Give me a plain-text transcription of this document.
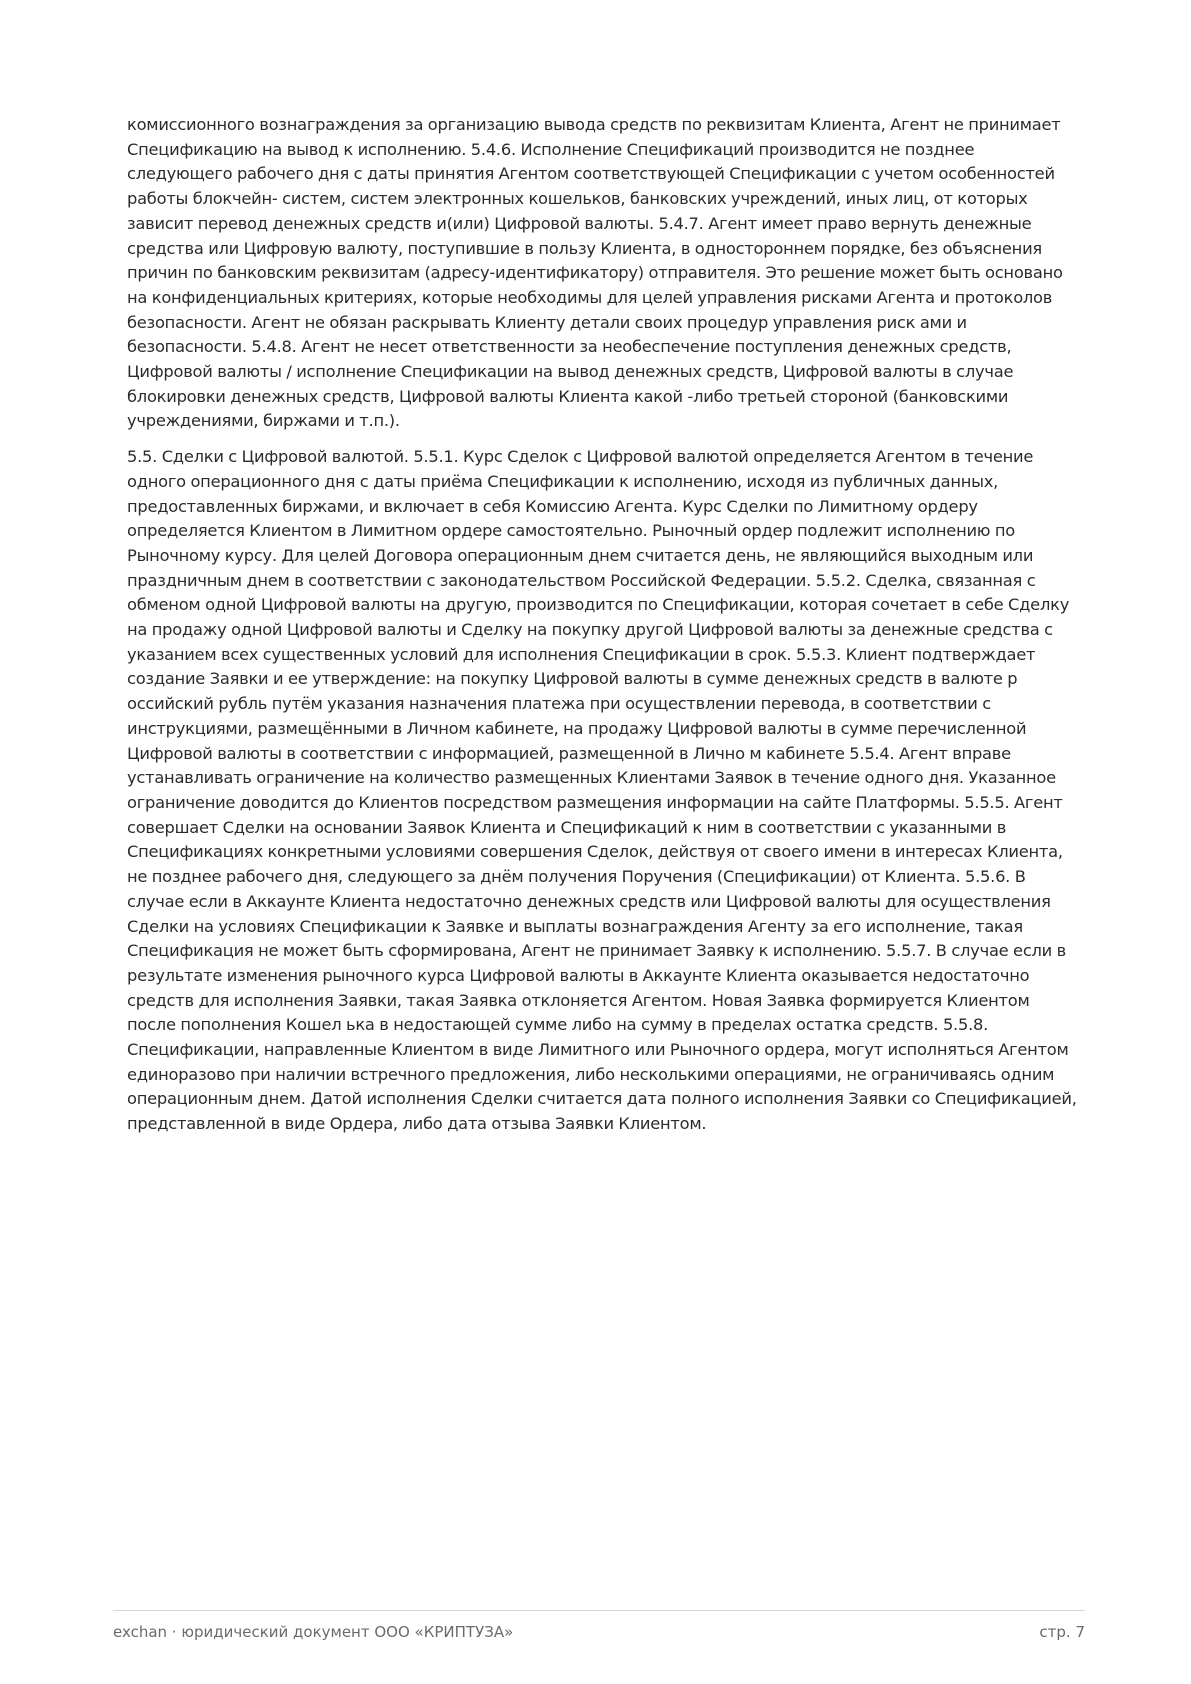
комиссионного вознаграждения за организацию вывода средств по реквизитам Клиента, Агент не принимает Спецификацию на вывод к исполнению. 5.4.6. Исполнение Спецификаций производится не позднее следующего рабочего дня с даты принятия Агентом соответствующей Спецификации с учетом особенностей работы блокчейн- систем, систем электронных кошельков, банковских учреждений, иных лиц, от которых зависит перевод денежных средств и(или) Цифровой валюты. 5.4.7. Агент имеет право вернуть денежные средства или Цифровую валюту, поступившие в пользу Клиента, в одностороннем порядке, без объяснения причин по банковским реквизитам (адресу-идентификатору) отправителя. Это решение может быть основано на конфиденциальных критериях, которые необходимы для целей управления рисками Агента и протоколов безопасности. Агент не обязан раскрывать Клиенту детали своих процедур управления риск ами и безопасности. 5.4.8. Агент не несет ответственности за необеспечение поступления денежных средств, Цифровой валюты / исполнение Спецификации на вывод денежных средств, Цифровой валюты в случае блокировки денежных средств, Цифровой валюты Клиента какой -либо третьей стороной (банковскими учреждениями, биржами и т.п.).

5.5. Сделки с Цифровой валютой. 5.5.1. Курс Сделок с Цифровой валютой определяется Агентом в течение одного операционного дня с даты приёма Спецификации к исполнению, исходя из публичных данных, предоставленных биржами, и включает в себя Комиссию Агента. Курс Сделки по Лимитному ордеру определяется Клиентом в Лимитном ордере самостоятельно. Рыночный ордер подлежит исполнению по Рыночному курсу. Для целей Договора операционным днем считается день, не являющийся выходным или праздничным днем в соответствии с законодательством Российской Федерации. 5.5.2. Сделка, связанная с обменом одной Цифровой валюты на другую, производится по Спецификации, которая сочетает в себе Сделку на продажу одной Цифровой валюты и Сделку на покупку другой Цифровой валюты за денежные средства с указанием всех существенных условий для исполнения Спецификации в срок. 5.5.3. Клиент подтверждает создание Заявки и ее утверждение: на покупку Цифровой валюты в сумме денежных средств в валюте р оссийский рубль путём указания назначения платежа при осуществлении перевода, в соответствии с инструкциями, размещёнными в Личном кабинете, на продажу Цифровой валюты в сумме перечисленной Цифровой валюты в соответствии с информацией, размещенной в Лично м кабинете 5.5.4. Агент вправе устанавливать ограничение на количество размещенных Клиентами Заявок в течение одного дня. Указанное ограничение доводится до Клиентов посредством размещения информации на сайте Платформы. 5.5.5. Агент совершает Сделки на основании Заявок Клиента и Спецификаций к ним в соответствии с указанными в Спецификациях конкретными условиями совершения Сделок, действуя от своего имени в интересах Клиента, не позднее рабочего дня, следующего за днём получения Поручения (Спецификации) от Клиента. 5.5.6. В случае если в Аккаунте Клиента недостаточно денежных средств или Цифровой валюты для осуществления Сделки на условиях Спецификации к Заявке и выплаты вознаграждения Агенту за его исполнение, такая Спецификация не может быть сформирована, Агент не принимает Заявку к исполнению. 5.5.7. В случае если в результате изменения рыночного курса Цифровой валюты в Аккаунте Клиента оказывается недостаточно средств для исполнения Заявки, такая Заявка отклоняется Агентом. Новая Заявка формируется Клиентом после пополнения Кошел ька в недостающей сумме либо на сумму в пределах остатка средств. 5.5.8. Спецификации, направленные Клиентом в виде Лимитного или Рыночного ордера, могут исполняться Агентом единоразово при наличии встречного предложения, либо несколькими операциями, не ограничиваясь одним операционным днем. Датой исполнения Сделки считается дата полного исполнения Заявки со Спецификацией, представленной в виде Ордера, либо дата отзыва Заявки Клиентом.

exchan · юридический документ ООО «КРИПТУЗА»	стр. 7
